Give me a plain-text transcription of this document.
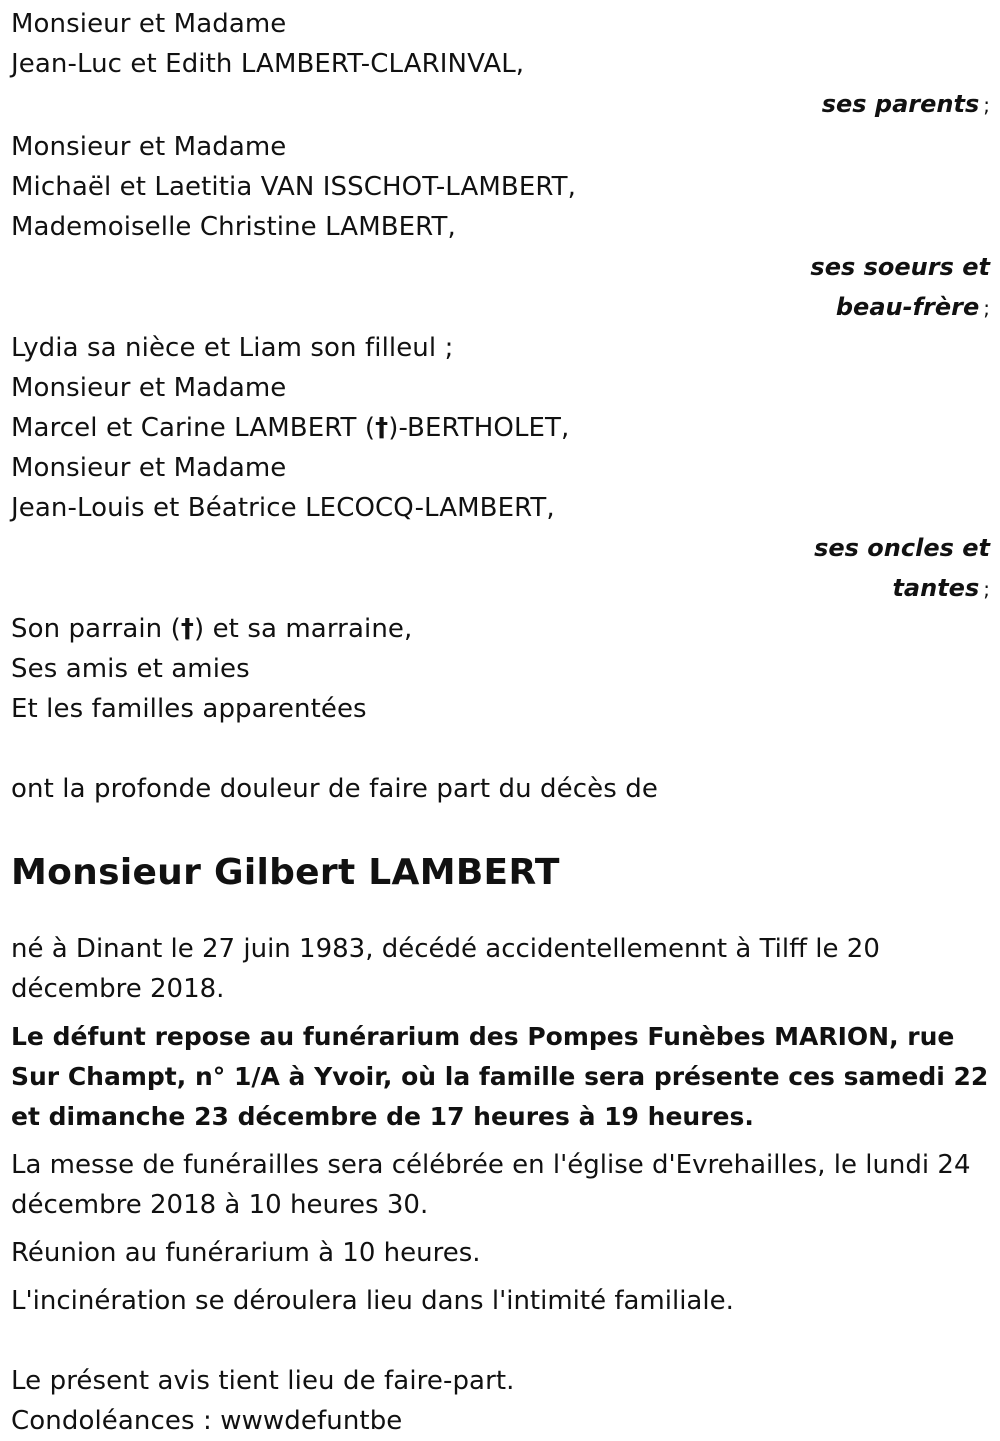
Monsieur et Madame
Jean-Luc et Edith LAMBERT-CLARINVAL,
ses parents ;
Monsieur et Madame
Michaël et Laetitia VAN ISSCHOT-LAMBERT,
Mademoiselle Christine LAMBERT,
ses soeurs et
beau-frère ;
Lydia sa nièce et Liam son filleul ;
Monsieur et Madame
Marcel et Carine LAMBERT (†)-BERTHOLET,
Monsieur et Madame
Jean-Louis et Béatrice LECOCQ-LAMBERT,
ses oncles et
tantes ;
Son parrain (†) et sa marraine,
Ses amis et amies
Et les familles apparentées
ont la profonde douleur de faire part du décès de
Monsieur Gilbert LAMBERT
né à Dinant le 27 juin 1983, décédé accidentellemennt à Tilff le 20 décembre 2018.
Le défunt repose au funérarium des Pompes Funèbes MARION, rue Sur Champt, n° 1/A à Yvoir, où la famille sera présente ces samedi 22 et dimanche 23 décembre de 17 heures à 19 heures.
La messe de funérailles sera célébrée en l'église d'Evrehailles, le lundi 24 décembre 2018 à 10 heures 30.
Réunion au funérarium à 10 heures.
L'incinération se déroulera lieu dans l'intimité familiale.
Le présent avis tient lieu de faire-part.
Condoléances : wwwdefuntbe
